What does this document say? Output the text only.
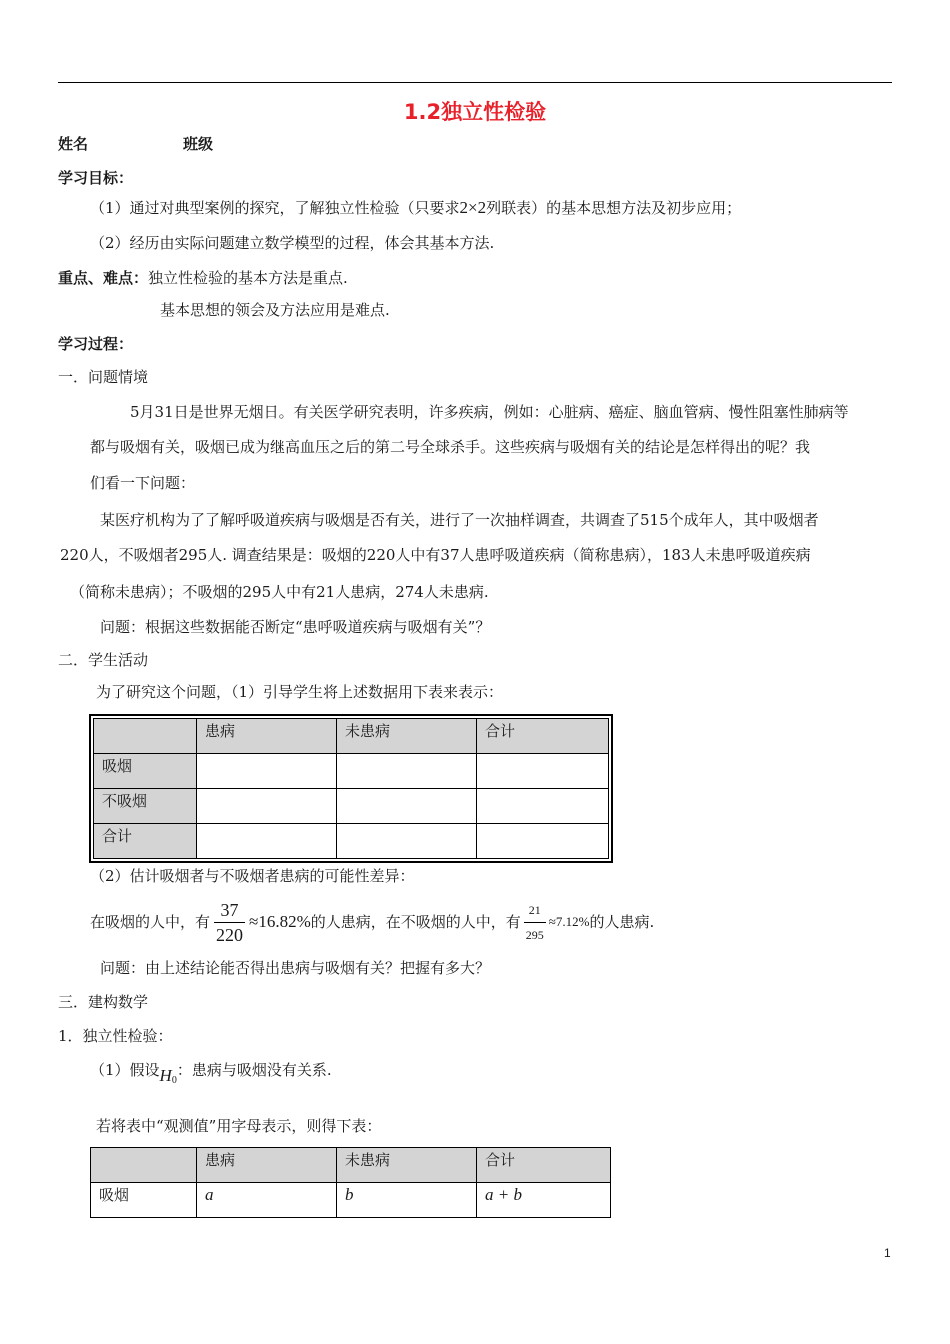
1.2独立性检验
姓名	班级
学习目标：
（1）通过对典型案例的探究，了解独立性检验（只要求2×2列联表）的基本思想方法及初步应用；
（2）经历由实际问题建立数学模型的过程，体会其基本方法.
重点、难点：独立性检验的基本方法是重点.
基本思想的领会及方法应用是难点.
学习过程：
一．问题情境
5月31日是世界无烟日。有关医学研究表明，许多疾病，例如：心脏病、癌症、脑血管病、慢性阻塞性肺病等
都与吸烟有关，吸烟已成为继高血压之后的第二号全球杀手。这些疾病与吸烟有关的结论是怎样得出的呢？我
们看一下问题：
某医疗机构为了了解呼吸道疾病与吸烟是否有关，进行了一次抽样调查，共调查了515个成年人，其中吸烟者
220人，不吸烟者295人. 调查结果是：吸烟的220人中有37人患呼吸道疾病（简称患病），183人未患呼吸道疾病
（简称未患病）；不吸烟的295人中有21人患病，274人未患病.
问题：根据这些数据能否断定“患呼吸道疾病与吸烟有关”？
二．学生活动
为了研究这个问题，（1）引导学生将上述数据用下表来表示：
	患病	未患病	合计
吸烟			
不吸烟			
合计			
（2）估计吸烟者与不吸烟者患病的可能性差异：
在吸烟的人中，有 $\frac{37}{220} \approx 16.82\%$ 的人患病，在不吸烟的人中，有 $\frac{21}{295} \approx 7.12\%$ 的人患病.
问题：由上述结论能否得出患病与吸烟有关？把握有多大？
三．建构数学
1．独立性检验：
（1）假设$H_0$：患病与吸烟没有关系.
若将表中“观测值”用字母表示，则得下表：
	患病	未患病	合计
吸烟	a	b	a + b
1
